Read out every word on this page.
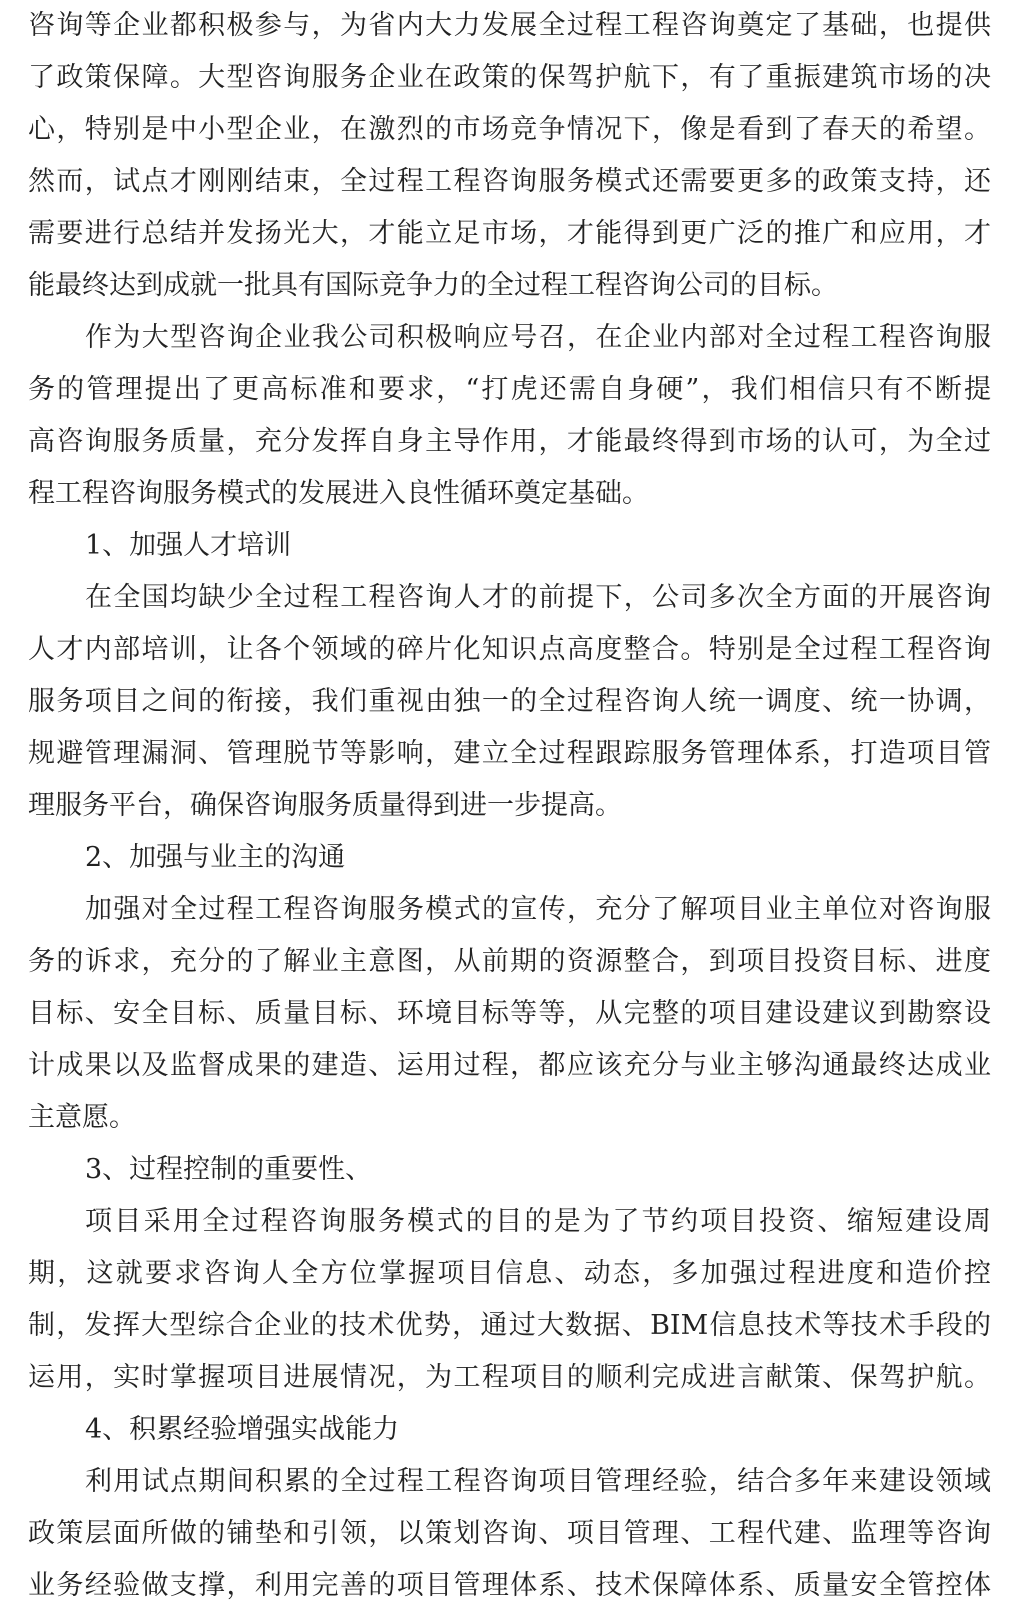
咨询等企业都积极参与，为省内大力发展全过程工程咨询奠定了基础，也提供
了政策保障。大型咨询服务企业在政策的保驾护航下，有了重振建筑市场的决
心，特别是中小型企业，在激烈的市场竞争情况下，像是看到了春天的希望。
然而，试点才刚刚结束，全过程工程咨询服务模式还需要更多的政策支持，还
需要进行总结并发扬光大，才能立足市场，才能得到更广泛的推广和应用，才
能最终达到成就一批具有国际竞争力的全过程工程咨询公司的目标。
作为大型咨询企业我公司积极响应号召，在企业内部对全过程工程咨询服
务的管理提出了更高标准和要求，“打虎还需自身硬”，我们相信只有不断提
高咨询服务质量，充分发挥自身主导作用，才能最终得到市场的认可，为全过
程工程咨询服务模式的发展进入良性循环奠定基础。
1、加强人才培训
在全国均缺少全过程工程咨询人才的前提下，公司多次全方面的开展咨询
人才内部培训，让各个领域的碎片化知识点高度整合。特别是全过程工程咨询
服务项目之间的衔接，我们重视由独一的全过程咨询人统一调度、统一协调，
规避管理漏洞、管理脱节等影响，建立全过程跟踪服务管理体系，打造项目管
理服务平台，确保咨询服务质量得到进一步提高。
2、加强与业主的沟通
加强对全过程工程咨询服务模式的宣传，充分了解项目业主单位对咨询服
务的诉求，充分的了解业主意图，从前期的资源整合，到项目投资目标、进度
目标、安全目标、质量目标、环境目标等等，从完整的项目建设建议到勘察设
计成果以及监督成果的建造、运用过程，都应该充分与业主够沟通最终达成业
主意愿。
3、过程控制的重要性、
项目采用全过程咨询服务模式的目的是为了节约项目投资、缩短建设周
期，这就要求咨询人全方位掌握项目信息、动态，多加强过程进度和造价控
制，发挥大型综合企业的技术优势，通过大数据、BIM信息技术等技术手段的
运用，实时掌握项目进展情况，为工程项目的顺利完成进言献策、保驾护航。
4、积累经验增强实战能力
利用试点期间积累的全过程工程咨询项目管理经验，结合多年来建设领域
政策层面所做的铺垫和引领，以策划咨询、项目管理、工程代建、监理等咨询
业务经验做支撑，利用完善的项目管理体系、技术保障体系、质量安全管控体
